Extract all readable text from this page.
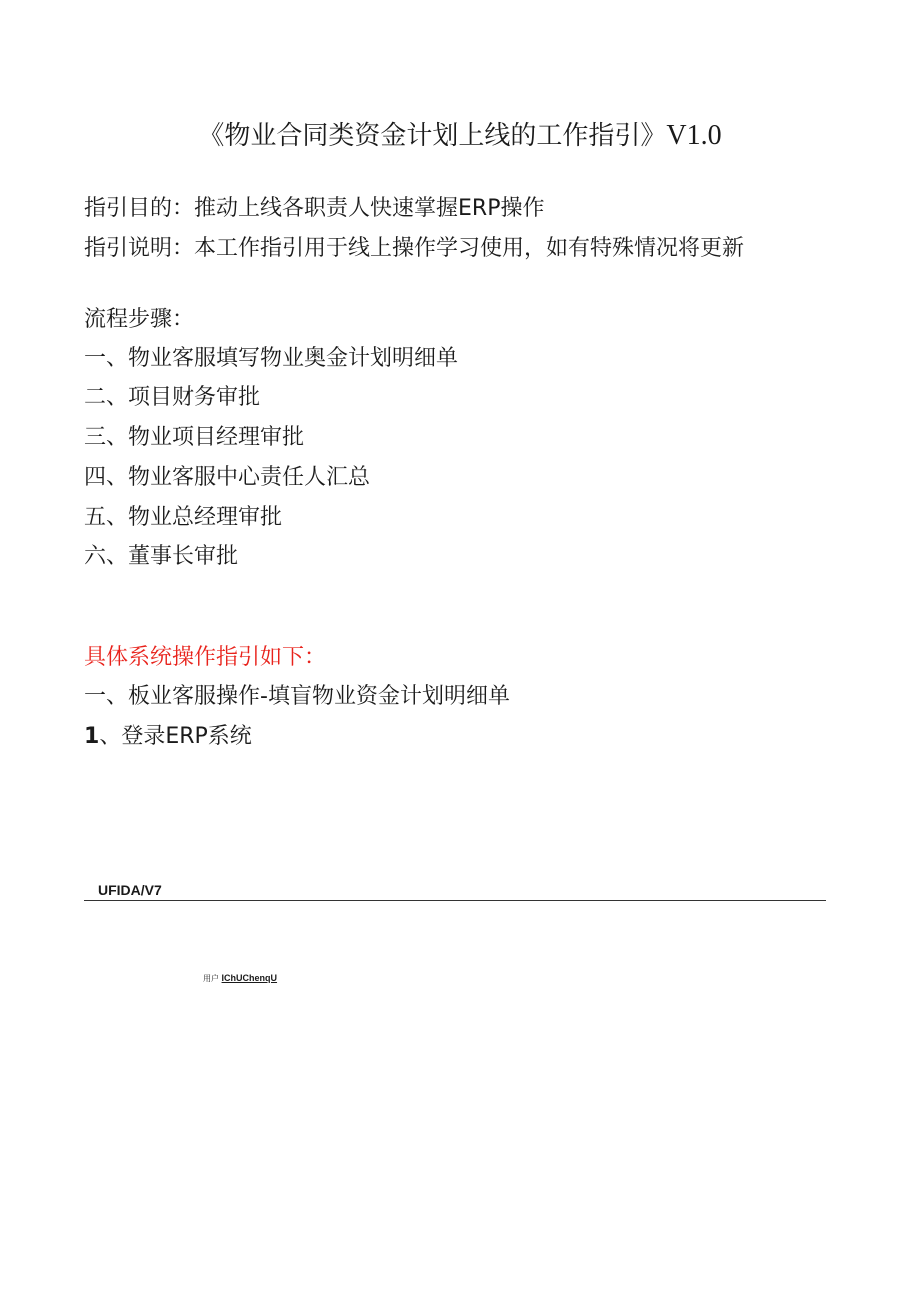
《物业合同类资金计划上线的工作指引》V1.0
指引目的：推动上线各职责人快速掌握ERP操作
指引说明：本工作指引用于线上操作学习使用，如有特殊情况将更新
流程步骤：
一、物业客服填写物业奥金计划明细单
二、项目财务审批
三、物业项目经理审批
四、物业客服中心责任人汇总
五、物业总经理审批
六、董事长审批
具体系统操作指引如下：
一、板业客服操作-填盲物业资金计划明细单
1、登录ERP系统
UFIDA/V7
用户 IChUChenqU
